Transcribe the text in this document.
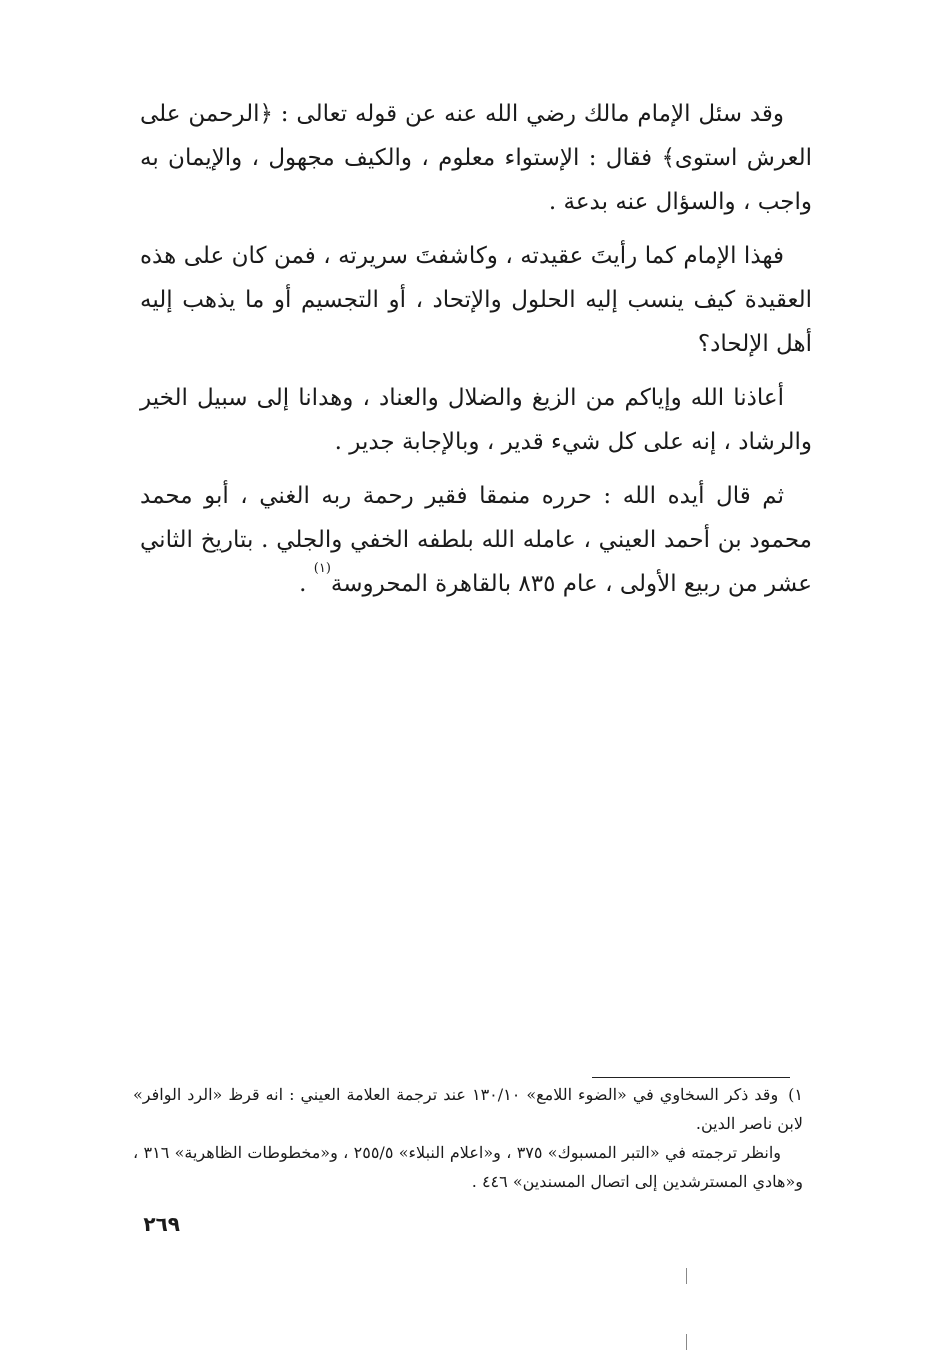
وقد سئل الإمام مالك رضي الله عنه عن قوله تعالى : ﴿الرحمن على العرش استوى﴾ فقال : الإستواء معلوم ، والكيف مجهول ، والإيمان به واجب ، والسؤال عنه بدعة .

فهذا الإمام كما رأيتَ عقيدته ، وكاشفتَ سريرته ، فمن كان على هذه العقيدة كيف ينسب إليه الحلول والإتحاد ، أو التجسيم أو ما يذهب إليه أهل الإلحاد؟

أعاذنا الله وإياكم من الزيغ والضلال والعناد ، وهدانا إلى سبيل الخير والرشاد ، إنه على كل شيء قدير ، وبالإجابة جدير .

ثم قال أيده الله : حرره منمقا فقير رحمة ربه الغني ، أبو محمد محمود بن أحمد العيني ، عامله الله بلطفه الخفي والجلي . بتاريخ الثاني عشر من ربيع الأولى ، عام ٨٣٥ بالقاهرة المحروسة$^{(١)}$ .

١)وقد ذكر السخاوي في «الضوء اللامع» ١٣٠/١٠ عند ترجمة العلامة العيني : انه قرظ «الرد الوافر» لابن ناصر الدين.

وانظر ترجمته في «التبر المسبوك» ٣٧٥ ، و«اعلام النبلاء» ٢٥٥/٥ ، و«مخطوطات الظاهرية» ٣١٦ ، و«هادي المسترشدين إلى اتصال المسندين» ٤٤٦ .

٢٦٩
